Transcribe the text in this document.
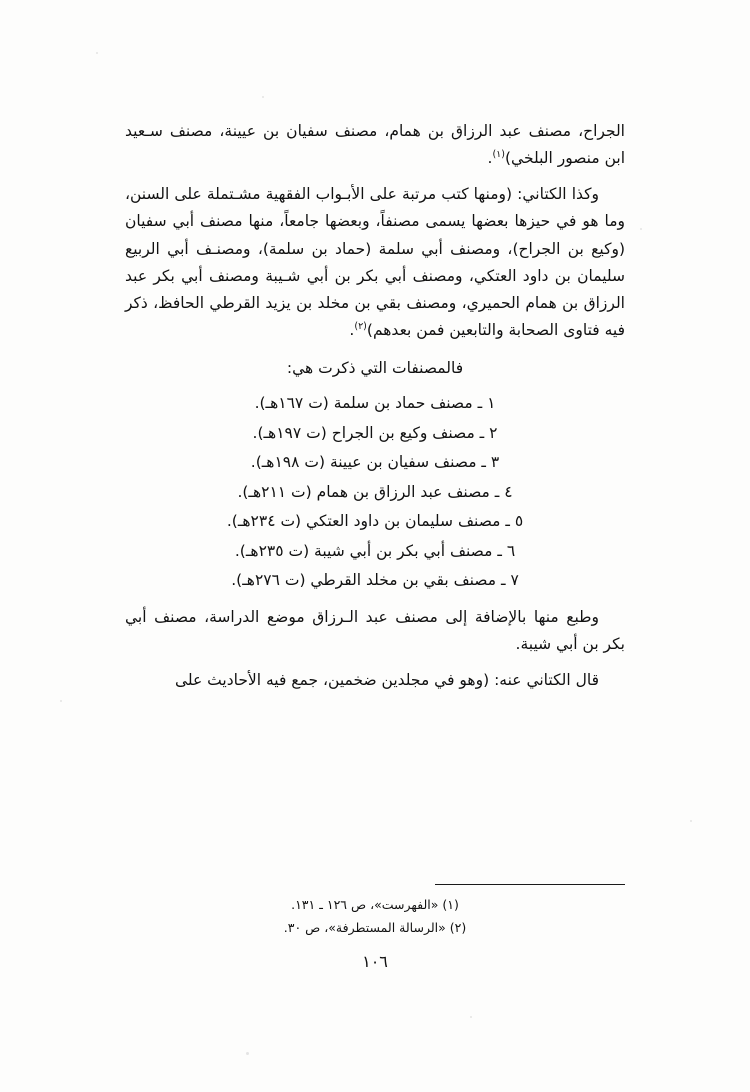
الجراح، مصنف عبد الرزاق بن همام، مصنف سفيان بن عيينة، مصنف سـعيد ابن منصور البلخي)$^{(١)}$.

وكذا الكتاني: (ومنها كتب مرتبة على الأبـواب الفقهية مشـتملة على السنن، وما هو في حيزها بعضها يسمى مصنفاً، وبعضها جامعاً، منها مصنف أبي سفيان (وكيع بن الجراح)، ومصنف أبي سلمة (حماد بن سلمة)، ومصنـف أبي الربيع سليمان بن داود العتكي، ومصنف أبي بكر بن أبي شـيبة ومصنف أبي بكر عبد الرزاق بن همام الحميري، ومصنف بقي بن مخلد بن يزيد القرطي الحافظ، ذكر فيه فتاوى الصحابة والتابعين فمن بعدهم)$^{(٢)}$.

فالمصنفات التي ذكرت هي:

١ ـ مصنف حماد بن سلمة (ت ١٦٧هـ).

٢ ـ مصنف وكيع بن الجراح (ت ١٩٧هـ).

٣ ـ مصنف سفيان بن عيينة (ت ١٩٨هـ).

٤ ـ مصنف عبد الرزاق بن همام (ت ٢١١هـ).

٥ ـ مصنف سليمان بن داود العتكي (ت ٢٣٤هـ).

٦ ـ مصنف أبي بكر بن أبي شيبة (ت ٢٣٥هـ).

٧ ـ مصنف بقي بن مخلد القرطي (ت ٢٧٦هـ).

وطبع منها بالإضافة إلى مصنف عبد الـرزاق موضع الدراسة، مصنف أبي بكر بن أبي شيبة.

قال الكتاني عنه: (وهو في مجلدين ضخمين، جمع فيه الأحاديث على

(١) «الفهرست»، ص ١٢٦ ـ ١٣١.

(٢) «الرسالة المستطرفة»، ص ٣٠.

١٠٦
